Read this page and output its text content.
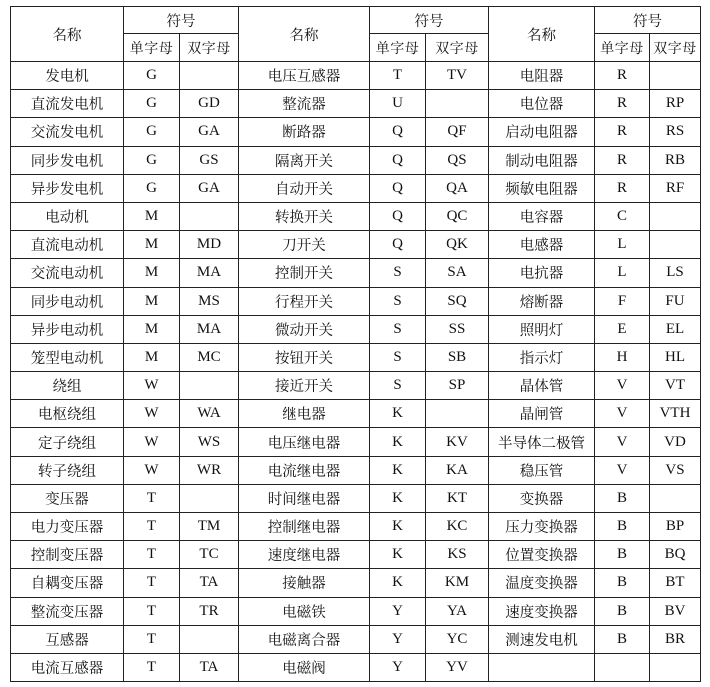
名称	符号		名称	符号		名称	符号	
	单字母	双字母		单字母	双字母		单字母	双字母
发电机	G		电压互感器	T	TV	电阻器	R	
直流发电机	G	GD	整流器	U		电位器	R	RP
交流发电机	G	GA	断路器	Q	QF	启动电阻器	R	RS
同步发电机	G	GS	隔离开关	Q	QS	制动电阻器	R	RB
异步发电机	G	GA	自动开关	Q	QA	频敏电阻器	R	RF
电动机	M		转换开关	Q	QC	电容器	C	
直流电动机	M	MD	刀开关	Q	QK	电感器	L	
交流电动机	M	MA	控制开关	S	SA	电抗器	L	LS
同步电动机	M	MS	行程开关	S	SQ	熔断器	F	FU
异步电动机	M	MA	微动开关	S	SS	照明灯	E	EL
笼型电动机	M	MC	按钮开关	S	SB	指示灯	H	HL
绕组	W		接近开关	S	SP	晶体管	V	VT
电枢绕组	W	WA	继电器	K		晶闸管	V	VTH
定子绕组	W	WS	电压继电器	K	KV	半导体二极管	V	VD
转子绕组	W	WR	电流继电器	K	KA	稳压管	V	VS
变压器	T		时间继电器	K	KT	变换器	B	
电力变压器	T	TM	控制继电器	K	KC	压力变换器	B	BP
控制变压器	T	TC	速度继电器	K	KS	位置变换器	B	BQ
自耦变压器	T	TA	接触器	K	KM	温度变换器	B	BT
整流变压器	T	TR	电磁铁	Y	YA	速度变换器	B	BV
互感器	T		电磁离合器	Y	YC	测速发电机	B	BR
电流互感器	T	TA	电磁阀	Y	YV			
